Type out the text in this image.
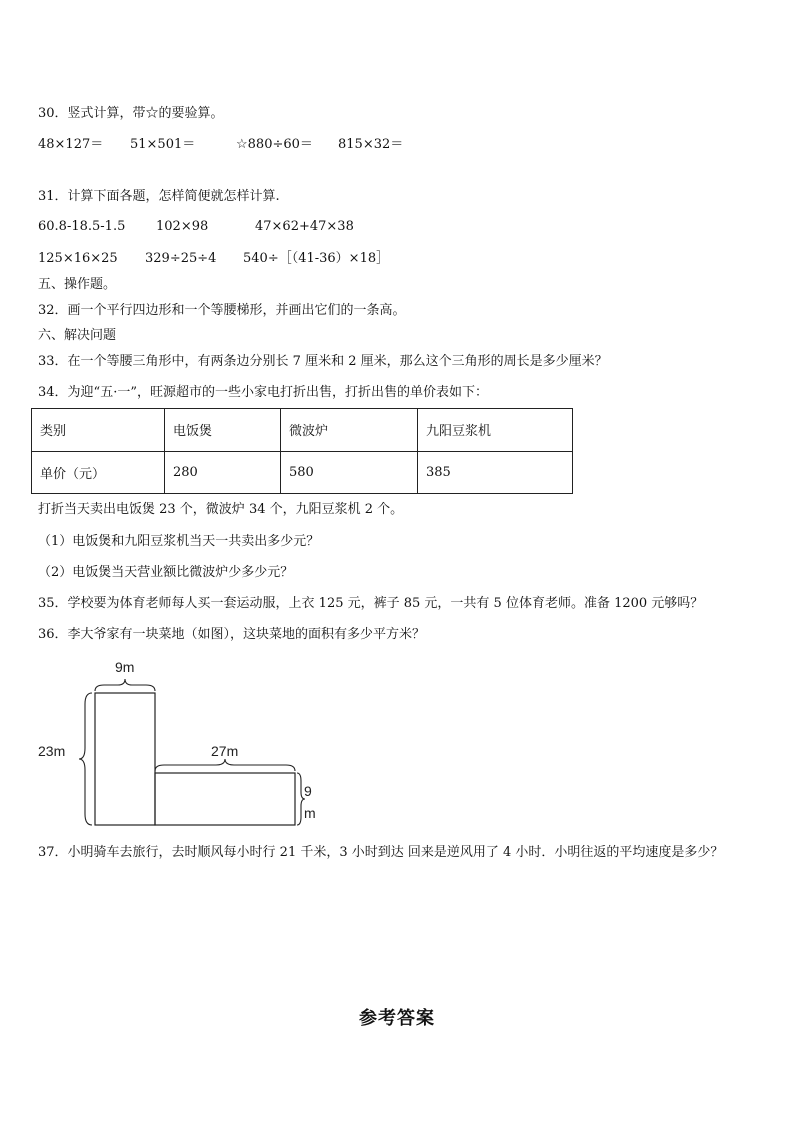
30．竖式计算，带☆的要验算。
48×127＝ 51×501＝	☆880÷60＝ 815×32＝
31．计算下面各题，怎样简便就怎样计算.
60.8-18.5-1.5 102×98	47×62+47×38
125×16×25 329÷25÷4 540÷［（41-36）×18］
五、操作题。
32．画一个平行四边形和一个等腰梯形，并画出它们的一条高。
六、解决问题
33．在一个等腰三角形中，有两条边分别长 7 厘米和 2 厘米，那么这个三角形的周长是多少厘米？
34．为迎“五·一”，旺源超市的一些小家电打折出售，打折出售的单价表如下：
类别	电饭煲	微波炉	九阳豆浆机
单价（元）	280	580	385
打折当天卖出电饭煲 23 个，微波炉 34 个，九阳豆浆机 2 个。
（1）电饭煲和九阳豆浆机当天一共卖出多少元？
（2）电饭煲当天营业额比微波炉少多少元？
35．学校要为体育老师每人买一套运动服，上衣 125 元，裤子 85 元，一共有 5 位体育老师。准备 1200 元够吗？
36．李大爷家有一块菜地（如图），这块菜地的面积有多少平方米？
9m
23m	27m
9
m
37．小明骑车去旅行，去时顺风每小时行 21 千米，3 小时到达 回来是逆风用了 4 小时．小明往返的平均速度是多少？
参考答案
